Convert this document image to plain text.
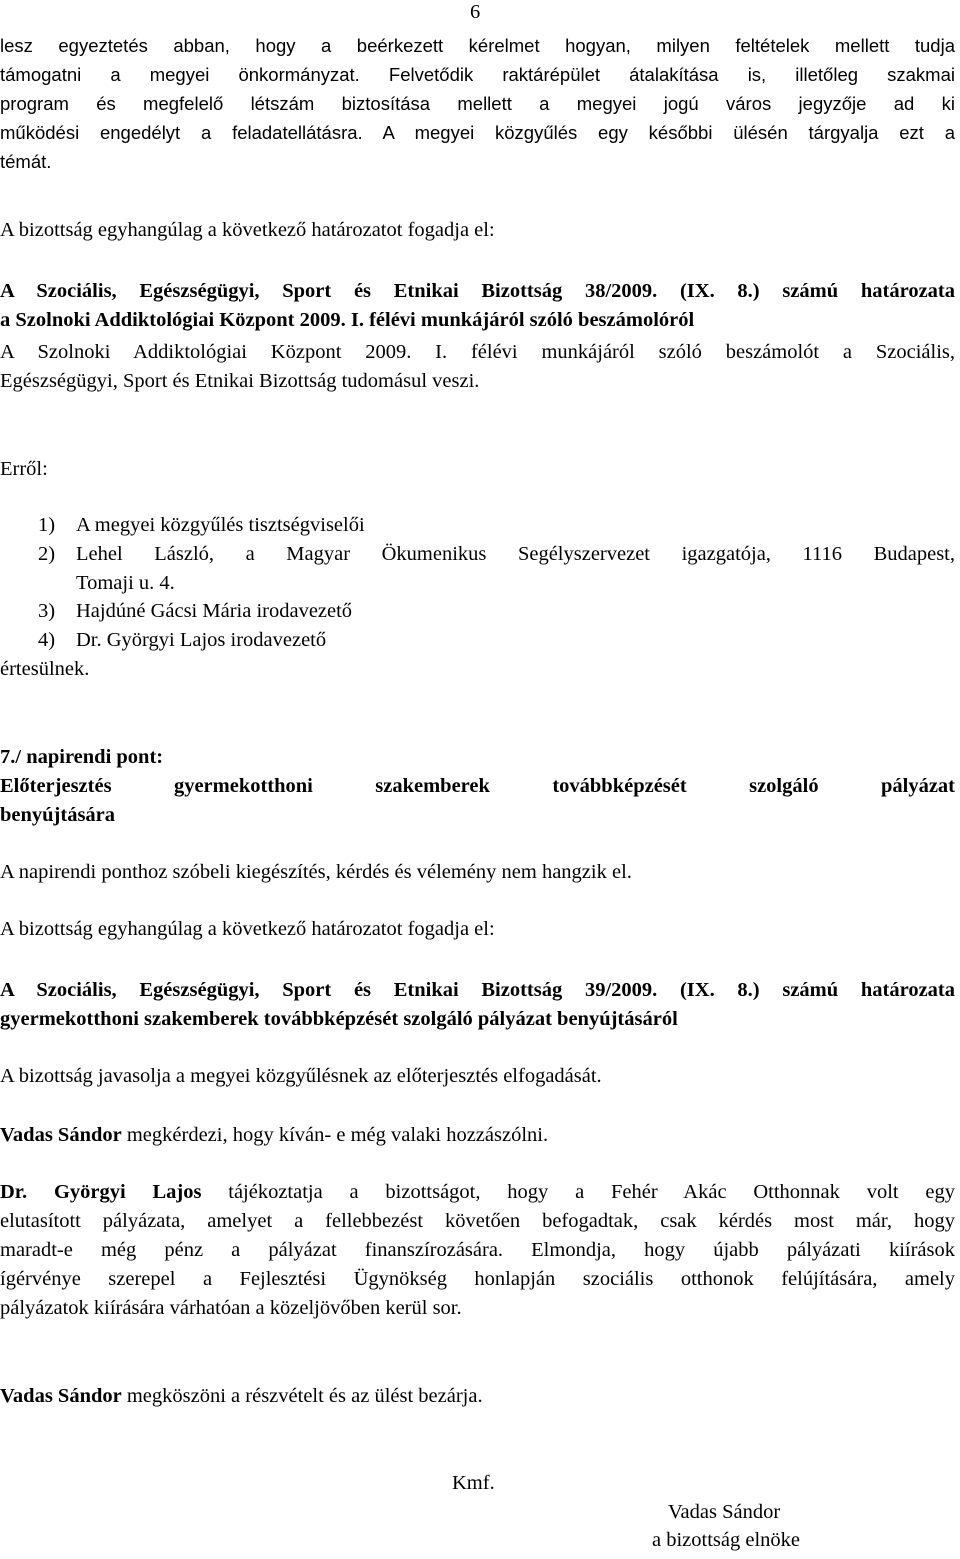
6
lesz egyeztetés abban, hogy a beérkezett kérelmet hogyan, milyen feltételek mellett tudja
támogatni a megyei önkormányzat. Felvetődik raktárépület átalakítása is, illetőleg szakmai
program és megfelelő létszám biztosítása mellett a megyei jogú város jegyzője ad ki
működési engedélyt a feladatellátásra. A megyei közgyűlés egy későbbi ülésén tárgyalja ezt a
témát.
A bizottság egyhangúlag a következő határozatot fogadja el:
A Szociális, Egészségügyi, Sport és Etnikai Bizottság 38/2009. (IX. 8.) számú határozata
a Szolnoki Addiktológiai Központ 2009. I. félévi munkájáról szóló beszámolóról
A Szolnoki Addiktológiai Központ 2009. I. félévi munkájáról szóló beszámolót a Szociális,
Egészségügyi, Sport és Etnikai Bizottság tudomásul veszi.
Erről:
1) A megyei közgyűlés tisztségviselői
2) Lehel László, a Magyar Ökumenikus Segélyszervezet igazgatója, 1116 Budapest,
Tomaji u. 4.
3) Hajdúné Gácsi Mária irodavezető
4) Dr. Györgyi Lajos irodavezető
értesülnek.
7./ napirendi pont:
Előterjesztés gyermekotthoni szakemberek továbbképzését szolgáló pályázat
benyújtására
A napirendi ponthoz szóbeli kiegészítés, kérdés és vélemény nem hangzik el.
A bizottság egyhangúlag a következő határozatot fogadja el:
A Szociális, Egészségügyi, Sport és Etnikai Bizottság 39/2009. (IX. 8.) számú határozata
gyermekotthoni szakemberek továbbképzését szolgáló pályázat benyújtásáról
A bizottság javasolja a megyei közgyűlésnek az előterjesztés elfogadását.
Vadas Sándor megkérdezi, hogy kíván- e még valaki hozzászólni.
Dr. Györgyi Lajos tájékoztatja a bizottságot, hogy a Fehér Akác Otthonnak volt egy
elutasított pályázata, amelyet a fellebbezést követően befogadtak, csak kérdés most már, hogy
maradt-e még pénz a pályázat finanszírozására. Elmondja, hogy újabb pályázati kiírások
ígérvénye szerepel a Fejlesztési Ügynökség honlapján szociális otthonok felújítására, amely
pályázatok kiírására várhatóan a közeljövőben kerül sor.
Vadas Sándor megköszöni a részvételt és az ülést bezárja.
Kmf.
Vadas Sándor
a bizottság elnöke
